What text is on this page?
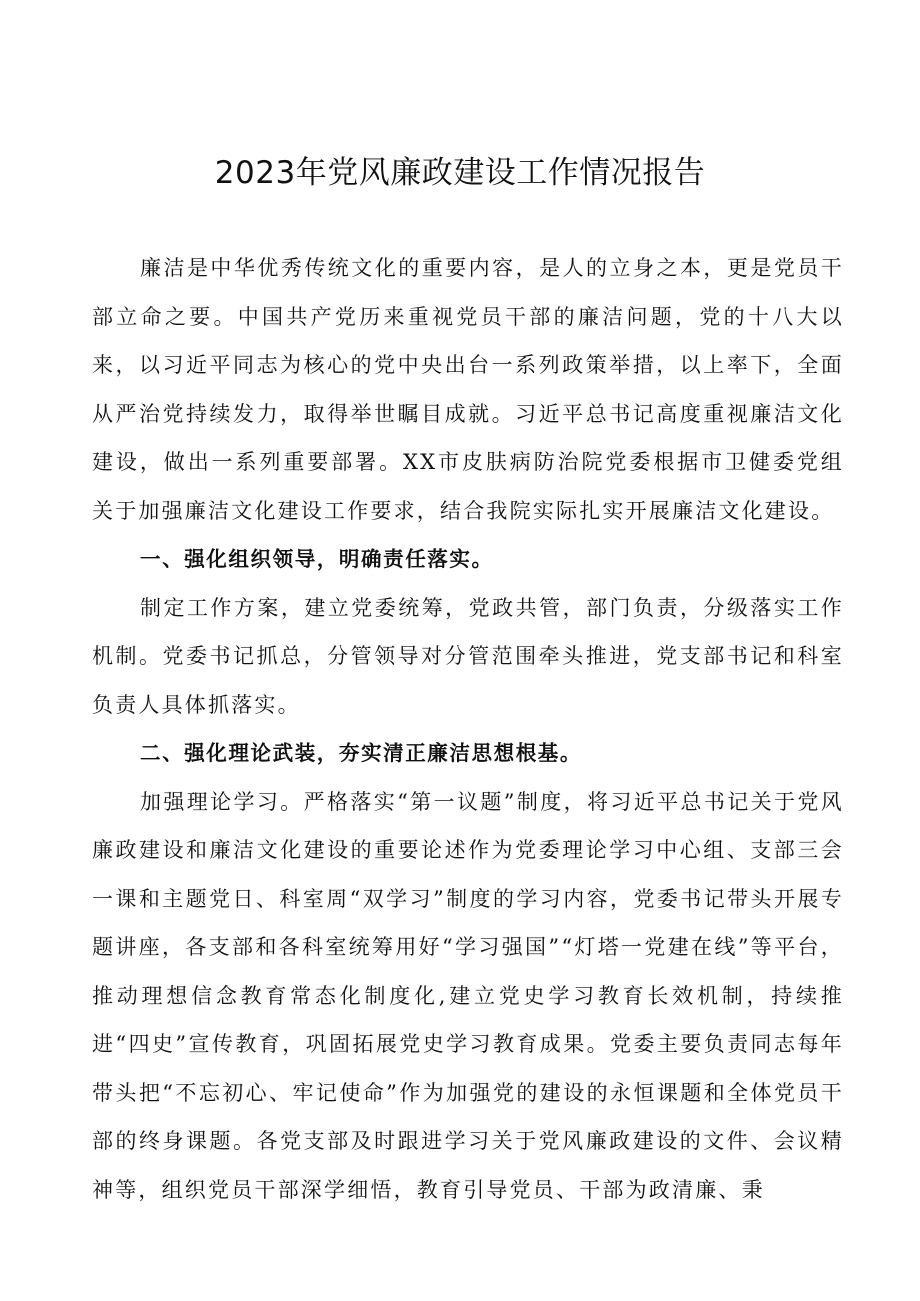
2023年党风廉政建设工作情况报告

廉洁是中华优秀传统文化的重要内容，是人的立身之本，更是党员干部立命之要。中国共产党历来重视党员干部的廉洁问题，党的十八大以来，以习近平同志为核心的党中央出台一系列政策举措，以上率下，全面从严治党持续发力，取得举世瞩目成就。习近平总书记高度重视廉洁文化建设，做出一系列重要部署。XX市皮肤病防治院党委根据市卫健委党组关于加强廉洁文化建设工作要求，结合我院实际扎实开展廉洁文化建设。

一、强化组织领导，明确责任落实。

制定工作方案，建立党委统筹，党政共管，部门负责，分级落实工作机制。党委书记抓总，分管领导对分管范围牵头推进，党支部书记和科室负责人具体抓落实。

二、强化理论武装，夯实清正廉洁思想根基。

加强理论学习。严格落实“第一议题”制度，将习近平总书记关于党风廉政建设和廉洁文化建设的重要论述作为党委理论学习中心组、支部三会一课和主题党日、科室周“双学习”制度的学习内容，党委书记带头开展专题讲座，各支部和各科室统筹用好“学习强国”“灯塔一党建在线”等平台，推动理想信念教育常态化制度化,建立党史学习教育长效机制，持续推进“四史”宣传教育，巩固拓展党史学习教育成果。党委主要负责同志每年带头把“不忘初心、牢记使命”作为加强党的建设的永恒课题和全体党员干部的终身课题。各党支部及时跟进学习关于党风廉政建设的文件、会议精神等，组织党员干部深学细悟，教育引导党员、干部为政清廉、秉
